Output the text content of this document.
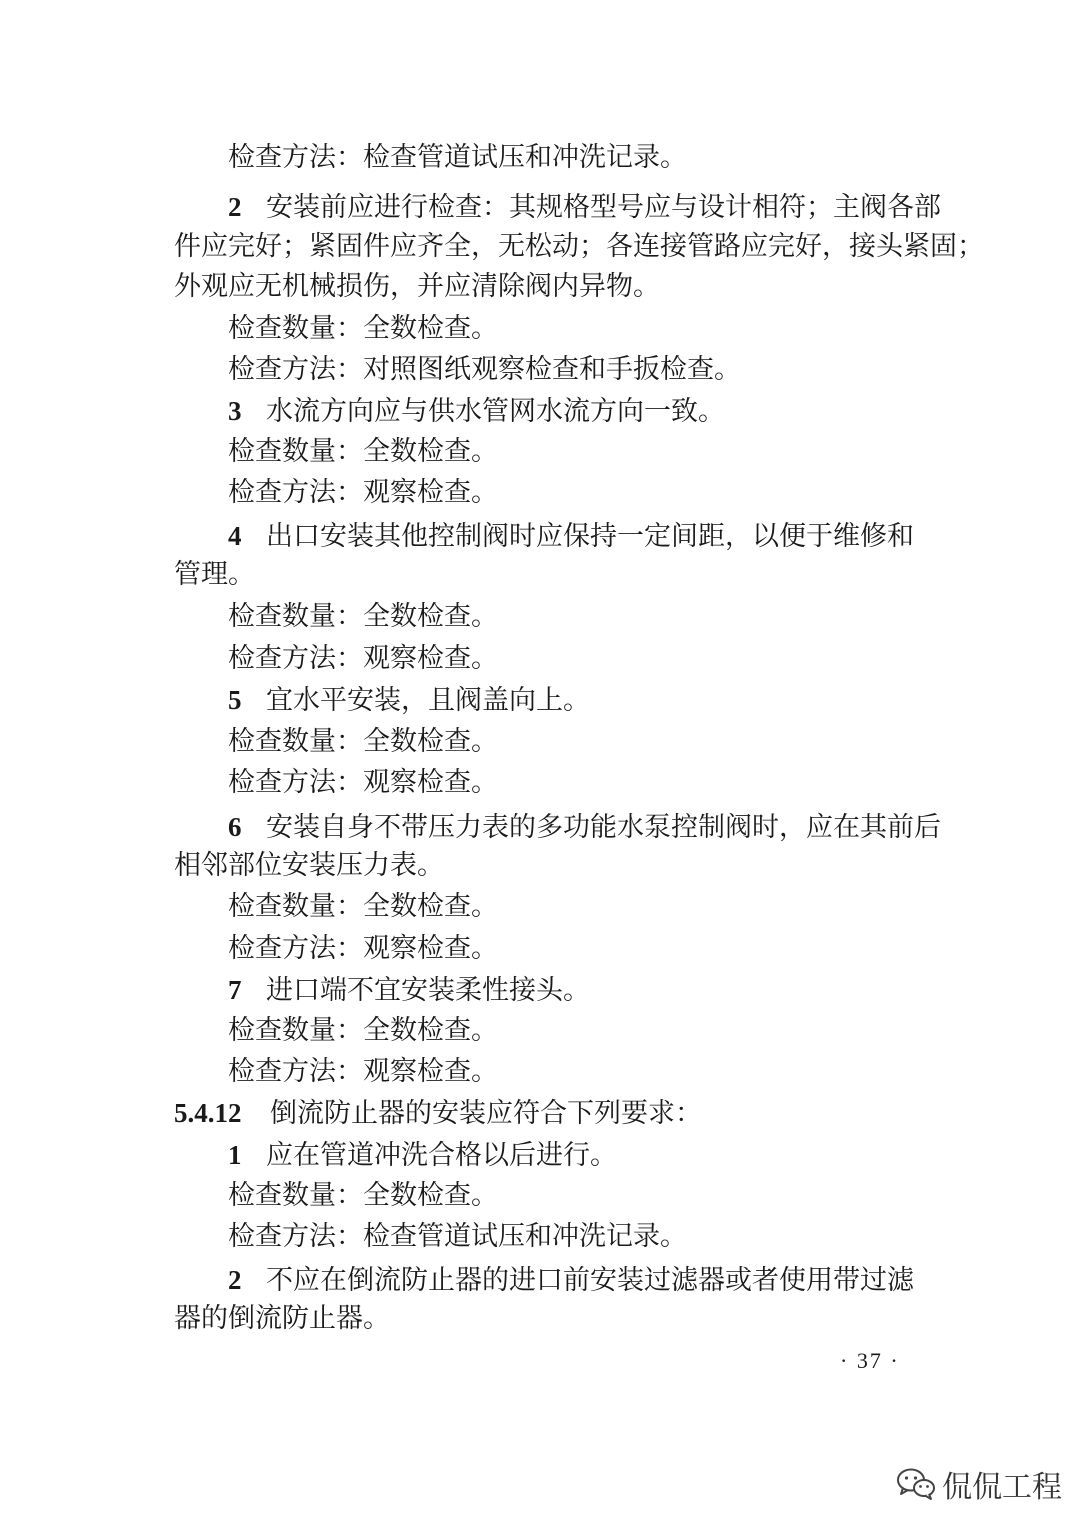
检查方法：检查管道试压和冲洗记录。
2 安装前应进行检查：其规格型号应与设计相符；主阀各部
件应完好；紧固件应齐全，无松动；各连接管路应完好，接头紧固；
外观应无机械损伤，并应清除阀内异物。
检查数量：全数检查。
检查方法：对照图纸观察检查和手扳检查。
3 水流方向应与供水管网水流方向一致。
检查数量：全数检查。
检查方法：观察检查。
4 出口安装其他控制阀时应保持一定间距，以便于维修和
管理。
检查数量：全数检查。
检查方法：观察检查。
5 宜水平安装，且阀盖向上。
检查数量：全数检查。
检查方法：观察检查。
6 安装自身不带压力表的多功能水泵控制阀时，应在其前后
相邻部位安装压力表。
检查数量：全数检查。
检查方法：观察检查。
7 进口端不宜安装柔性接头。
检查数量：全数检查。
检查方法：观察检查。
5.4.12 倒流防止器的安装应符合下列要求：
1 应在管道冲洗合格以后进行。
检查数量：全数检查。
检查方法：检查管道试压和冲洗记录。
2 不应在倒流防止器的进口前安装过滤器或者使用带过滤
器的倒流防止器。
· 37 ·
侃侃工程
